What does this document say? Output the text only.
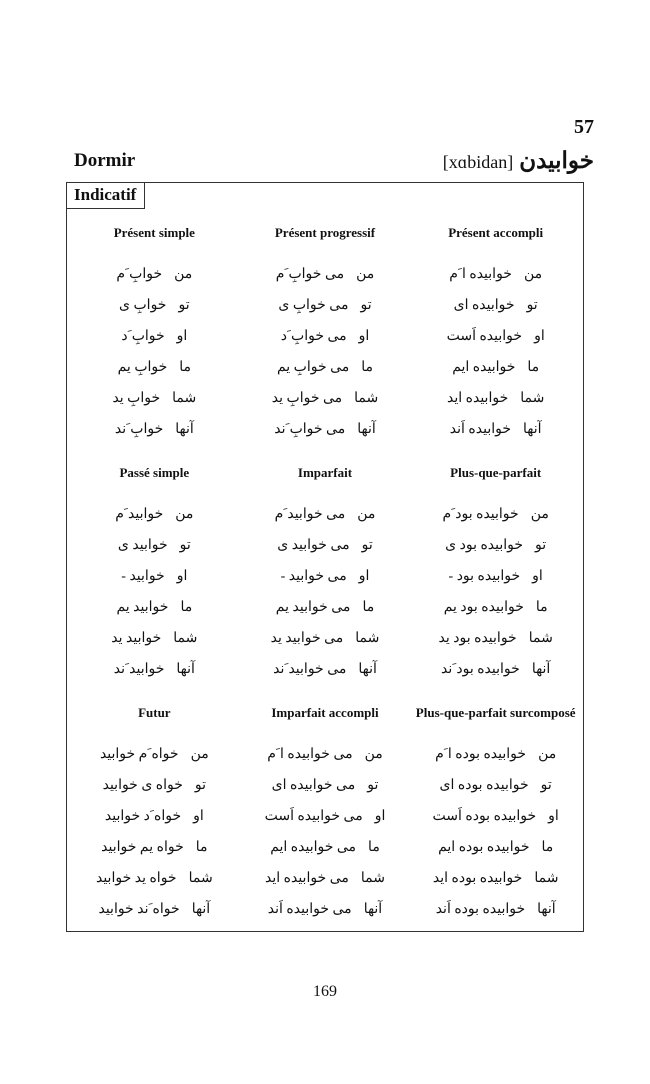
57
Dormir	[xɑbidan] خوابیدن
Indicatif
Présent simple
من
خوابِ َم
تو
خوابِ ی
او
خوابِ َد
ما
خوابِ یم
شما
خوابِ ید
آنها
خوابِ َند
Présent progressif
من
می خوابِ َم
تو
می خوابِ ی
او
می خوابِ َد
ما
می خوابِ یم
شما
می خوابِ ید
آنها
می خوابِ َند
Présent accompli
من
خوابیده ا َم
تو
خوابیده ای
او
خوابیده اَست
ما
خوابیده ایم
شما
خوابیده اید
آنها
خوابیده اَند
Passé simple
من
خوابید َم
تو
خوابید ی
او
خوابید -
ما
خوابید یم
شما
خوابید ید
آنها
خوابید َند
Imparfait
من
می خوابید َم
تو
می خوابید ی
او
می خوابید -
ما
می خوابید یم
شما
می خوابید ید
آنها
می خوابید َند
Plus-que-parfait
من
خوابیده بود َم
تو
خوابیده بود ی
او
خوابیده بود -
ما
خوابیده بود یم
شما
خوابیده بود ید
آنها
خوابیده بود َند
Futur
من
خواه َم خوابید
تو
خواه ی خوابید
او
خواه َد خوابید
ما
خواه یم خوابید
شما
خواه ید خوابید
آنها
خواه َند خوابید
Imparfait accompli
من
می خوابیده ا َم
تو
می خوابیده ای
او
می خوابیده اَست
ما
می خوابیده ایم
شما
می خوابیده اید
آنها
می خوابیده اَند
Plus-que-parfait surcomposé
من
خوابیده بوده ا َم
تو
خوابیده بوده ای
او
خوابیده بوده اَست
ما
خوابیده بوده ایم
شما
خوابیده بوده اید
آنها
خوابیده بوده اَند
169
